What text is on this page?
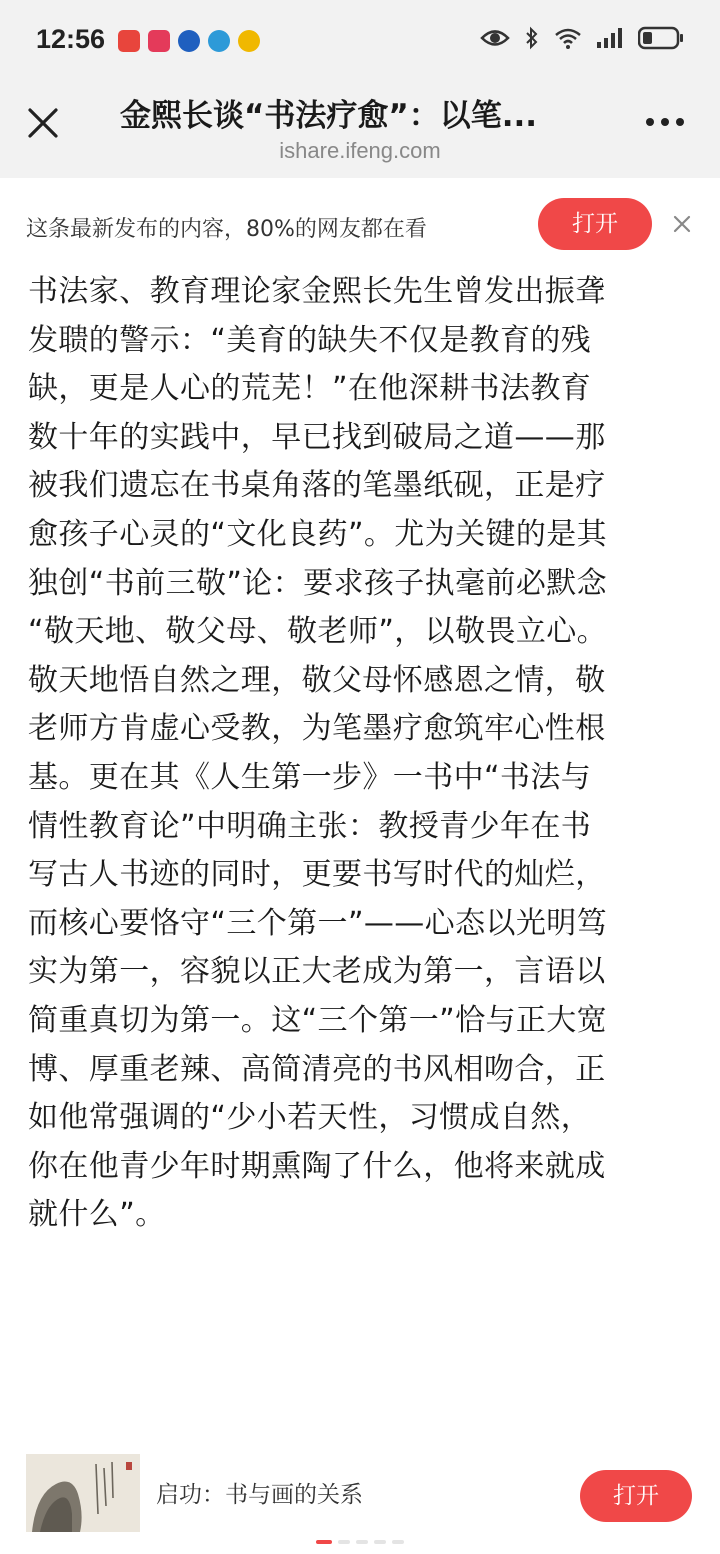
12:56
金熙长谈“书法疗愈”：以笔...
ishare.ifeng.com
这条最新发布的内容，80%的网友都在看	打开
书法家、教育理论家金熙长先生曾发出振聋
发聩的警示：“美育的缺失不仅是教育的残
缺，更是人心的荒芜！”在他深耕书法教育
数十年的实践中，早已找到破局之道——那
被我们遗忘在书桌角落的笔墨纸砚，正是疗
愈孩子心灵的“文化良药”。尤为关键的是其
独创“书前三敬”论：要求孩子执毫前必默念
“敬天地、敬父母、敬老师”，以敬畏立心。
敬天地悟自然之理，敬父母怀感恩之情，敬
老师方肯虚心受教，为笔墨疗愈筑牢心性根
基。更在其《人生第一步》一书中“书法与
情性教育论”中明确主张：教授青少年在书
写古人书迹的同时，更要书写时代的灿烂，
而核心要恪守“三个第一”——心态以光明笃
实为第一，容貌以正大老成为第一，言语以
简重真切为第一。这“三个第一”恰与正大宽
博、厚重老辣、高简清亮的书风相吻合，正
如他常强调的“少小若天性，习惯成自然，
你在他青少年时期熏陶了什么，他将来就成
就什么”。
启功：书与画的关系	打开
